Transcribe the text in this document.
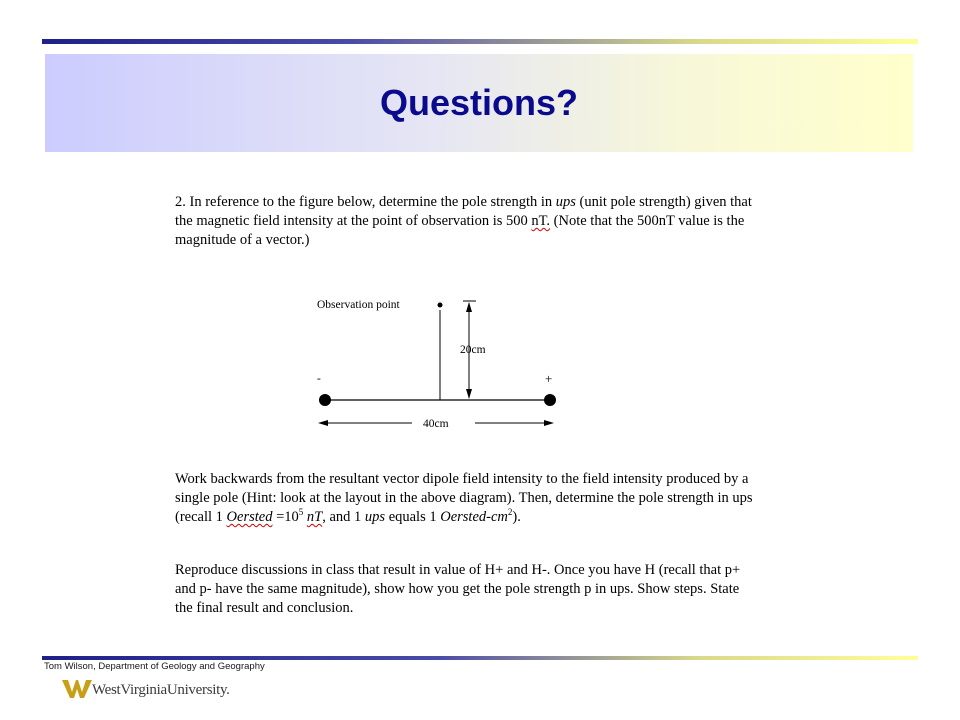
Questions?
2. In reference to the figure below, determine the pole strength in ups (unit pole strength) given that the magnetic field intensity at the point of observation is 500 nT. (Note that the 500nT value is the magnitude of a vector.)
Observation point
20cm
-	+
40cm
Work backwards from the resultant vector dipole field intensity to the field intensity produced by a single pole (Hint: look at the layout in the above diagram). Then, determine the pole strength in ups (recall 1 Oersted $=10^5$ nT, and 1 ups equals 1 Oersted-$cm^2$).
Reproduce discussions in class that result in value of H+ and H-. Once you have H (recall that p+ and p- have the same magnitude), show how you get the pole strength p in ups. Show steps. State the final result and conclusion.
Tom Wilson, Department of Geology and Geography
WestVirginiaUniversity.
